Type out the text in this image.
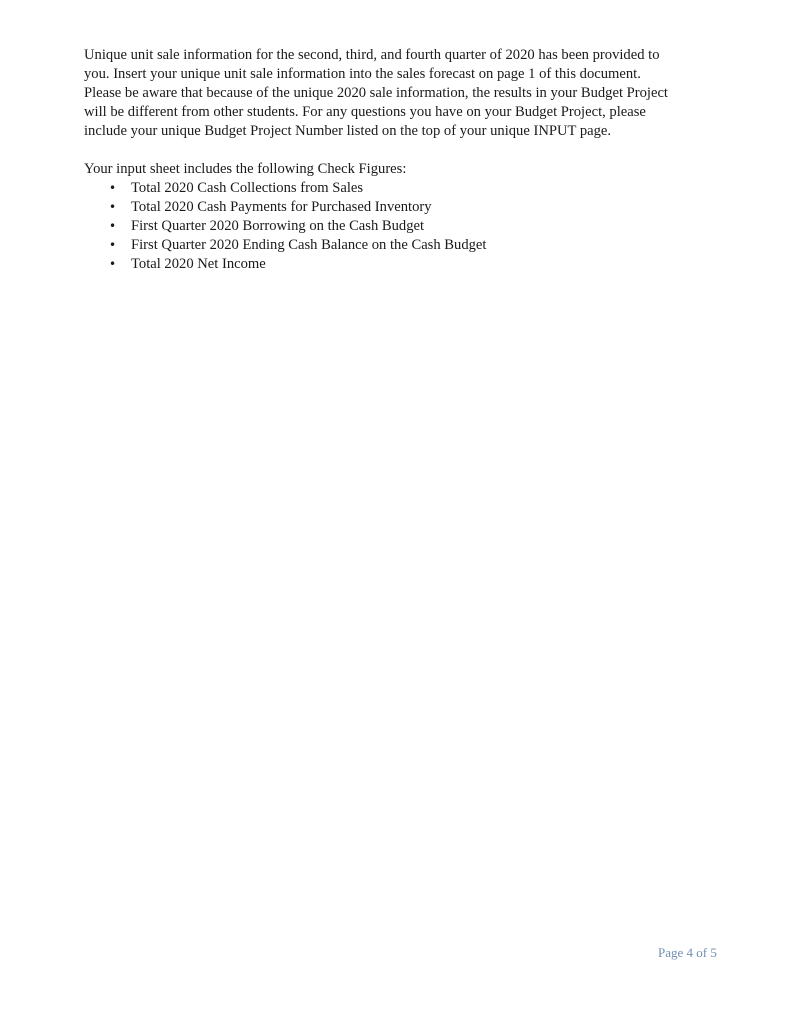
Unique unit sale information for the second, third, and fourth quarter of 2020 has been provided to
you. Insert your unique unit sale information into the sales forecast on page 1 of this document.
Please be aware that because of the unique 2020 sale information, the results in your Budget Project
will be different from other students. For any questions you have on your Budget Project, please
include your unique Budget Project Number listed on the top of your unique INPUT page.
Your input sheet includes the following Check Figures:
• Total 2020 Cash Collections from Sales
• Total 2020 Cash Payments for Purchased Inventory
• First Quarter 2020 Borrowing on the Cash Budget
• First Quarter 2020 Ending Cash Balance on the Cash Budget
• Total 2020 Net Income
Page 4 of 5
